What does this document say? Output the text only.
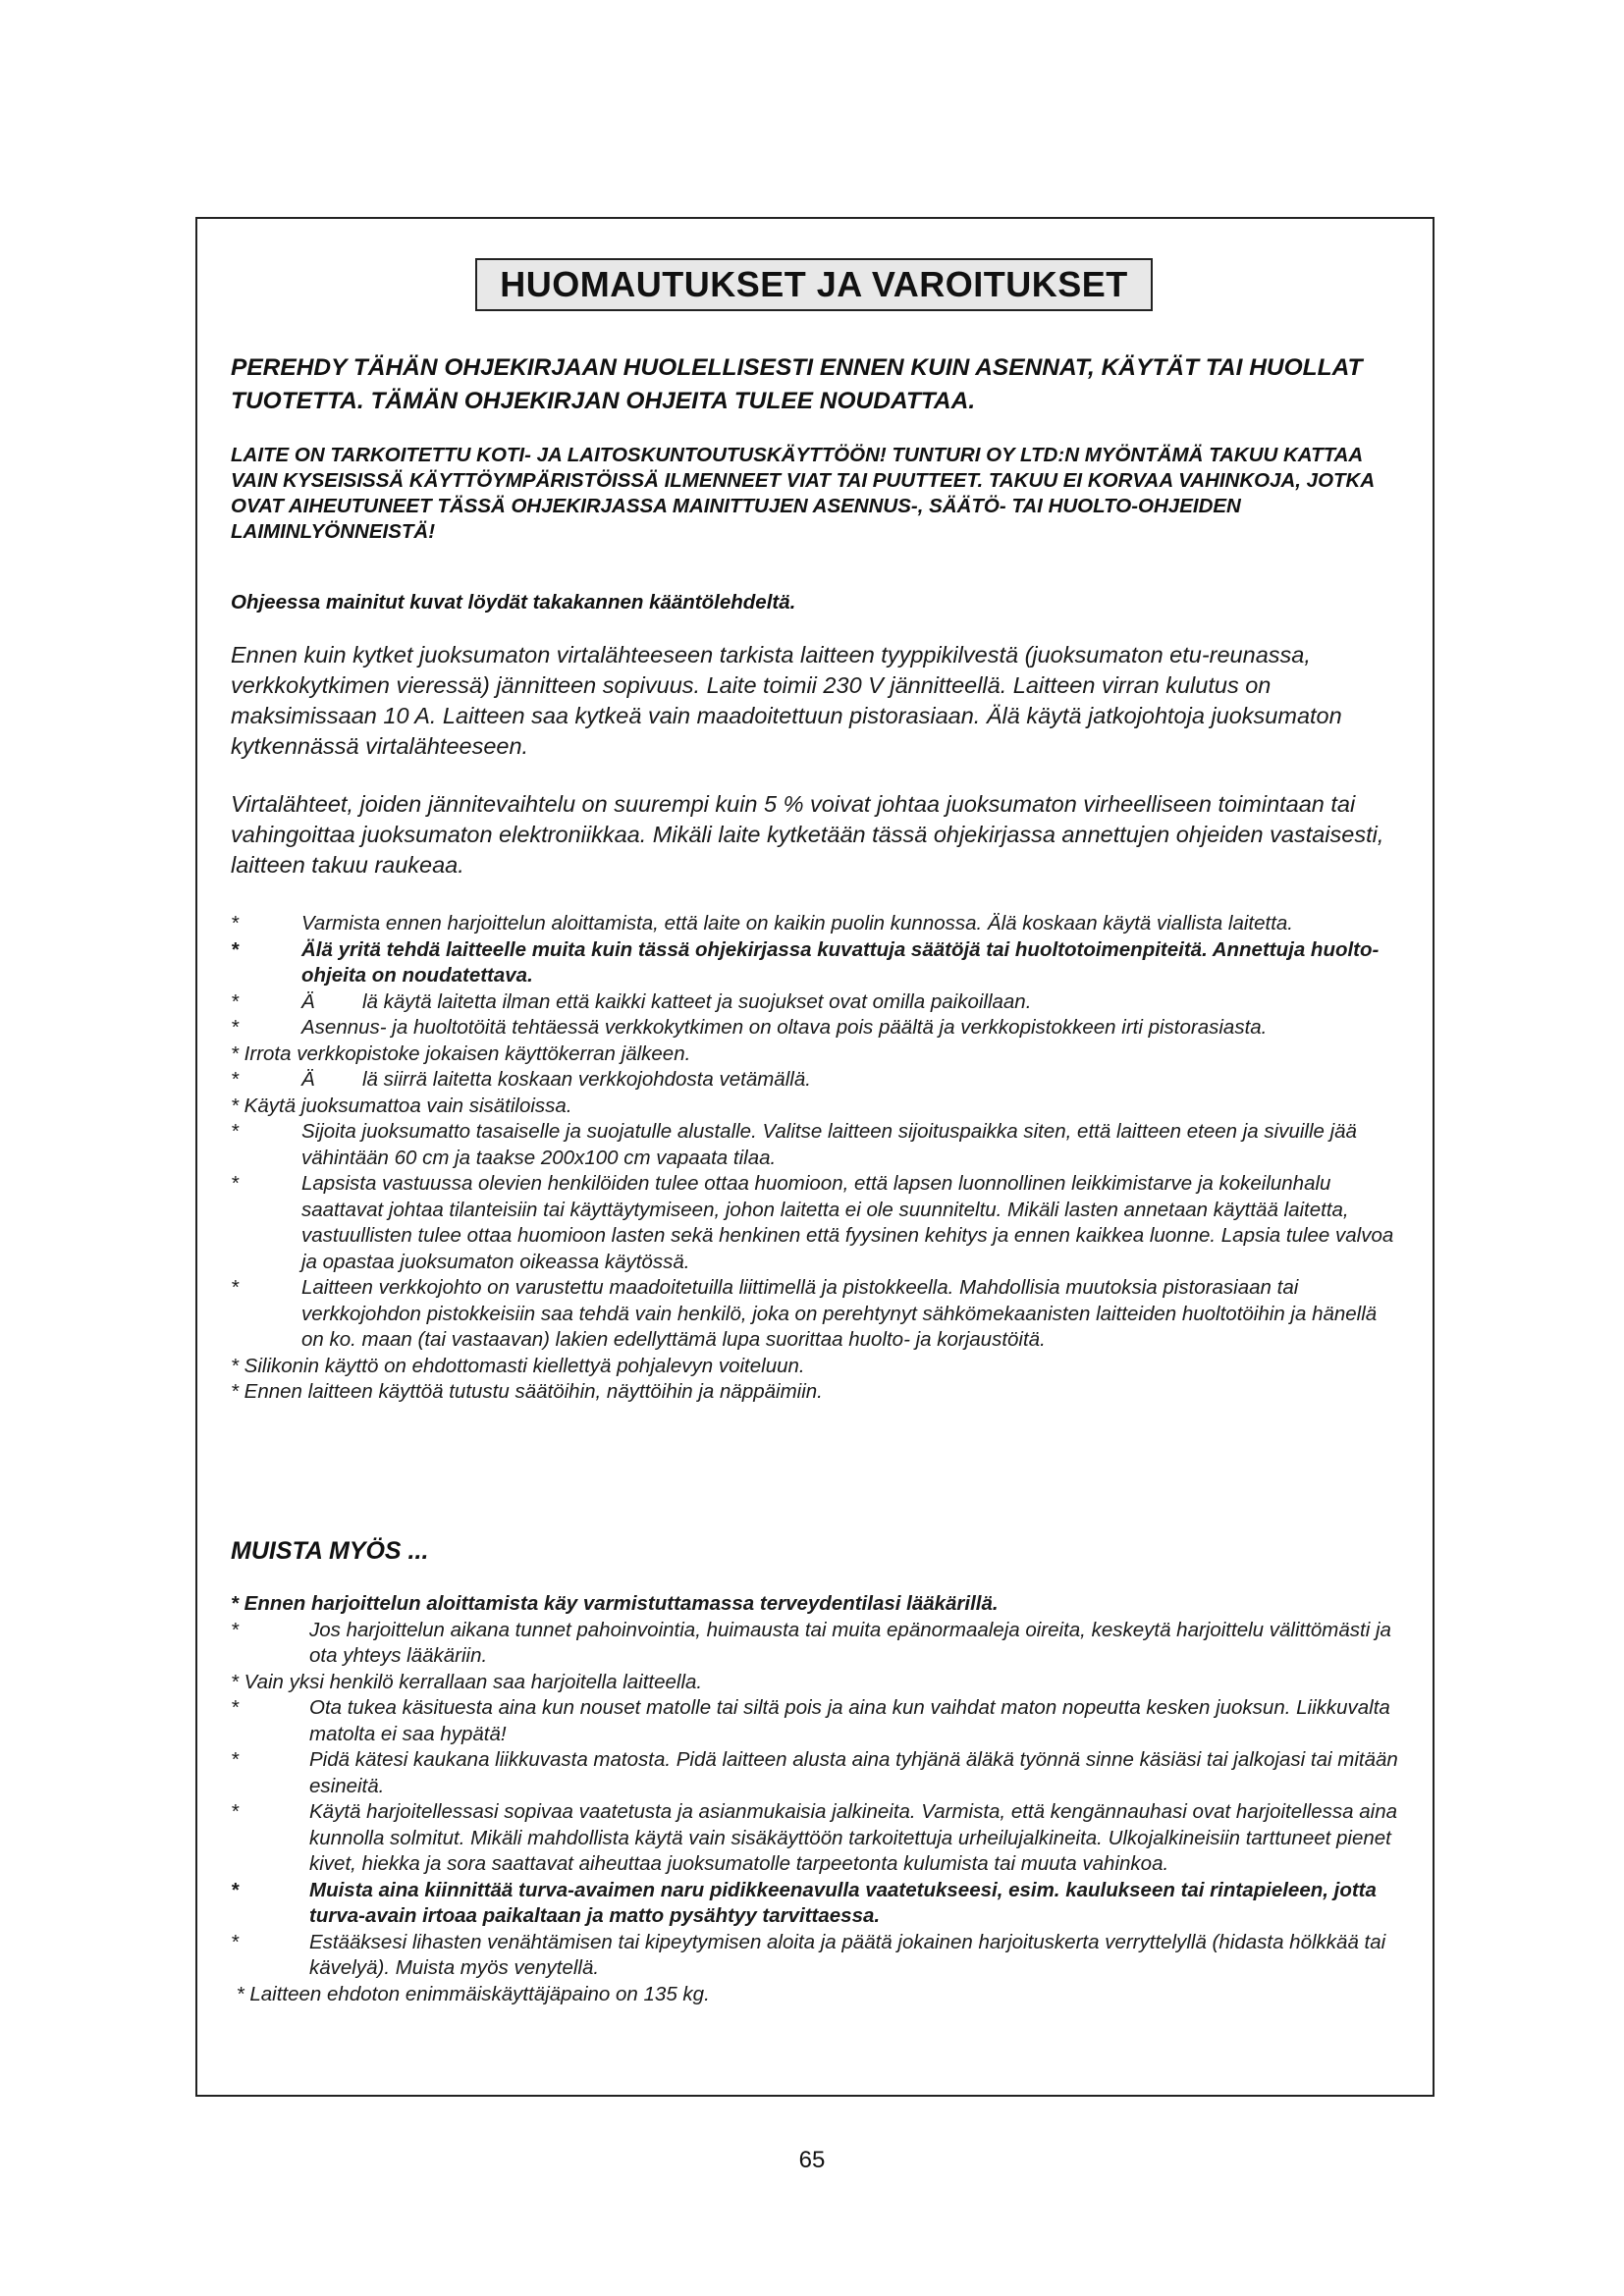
HUOMAUTUKSET JA VAROITUKSET
PEREHDY TÄHÄN OHJEKIRJAAN HUOLELLISESTI ENNEN KUIN ASENNAT, KÄYTÄT TAI HUOLLAT TUOTETTA. TÄMÄN OHJEKIRJAN OHJEITA TULEE NOUDATTAA.
LAITE ON TARKOITETTU KOTI- JA LAITOSKUNTOUTUSKÄYTTÖÖN! TUNTURI OY LTD:N MYÖNTÄMÄ TAKUU KATTAA VAIN KYSEISISSÄ KÄYTTÖYMPÄRISTÖISSÄ ILMENNEET VIAT TAI PUUTTEET. TAKUU EI KORVAA VAHINKOJA, JOTKA OVAT AIHEUTUNEET TÄSSÄ OHJEKIRJASSA MAINITTUJEN ASENNUS-, SÄÄTÖ- TAI HUOLTO-OHJEIDEN LAIMINLYÖNNEISTÄ!
Ohjeessa mainitut kuvat löydät takakannen kääntölehdeltä.
Ennen kuin kytket juoksumaton virtalähteeseen tarkista laitteen tyyppikilvestä (juoksumaton etu-reunassa, verkkokytkimen vieressä) jännitteen sopivuus. Laite toimii 230 V jännitteellä. Laitteen virran kulutus on maksimissaan 10 A. Laitteen saa kytkeä vain maadoitettuun pistorasiaan. Älä käytä jatkojohtoja juoksumaton kytkennässä virtalähteeseen.
Virtalähteet, joiden jännitevaihtelu on suurempi kuin 5 % voivat johtaa juoksumaton virheelliseen toimintaan tai vahingoittaa juoksumaton elektroniikkaa. Mikäli laite kytketään tässä ohjekirjassa annettujen ohjeiden vastaisesti, laitteen takuu raukeaa.
*	Varmista ennen harjoittelun aloittamista, että laite on kaikin puolin kunnossa. Älä koskaan käytä viallista laitetta.
*	Älä yritä tehdä laitteelle muita kuin tässä ohjekirjassa kuvattuja säätöjä tai huoltotoimenpiteitä. Annettuja huolto-ohjeita on noudatettava.
*	Ä lä käytä laitetta ilman että kaikki katteet ja suojukset ovat omilla paikoillaan.
*	Asennus- ja huoltotöitä tehtäessä verkkokytkimen on oltava pois päältä ja verkkopistokkeen irti pistorasiasta.
* Irrota verkkopistoke jokaisen käyttökerran jälkeen.
*	Ä lä siirrä laitetta koskaan verkkojohdosta vetämällä.
* Käytä juoksumattoa vain sisätiloissa.
*	Sijoita juoksumatto tasaiselle ja suojatulle alustalle. Valitse laitteen sijoituspaikka siten, että laitteen eteen ja sivuille jää vähintään 60 cm ja taakse 200x100 cm vapaata tilaa.
*	Lapsista vastuussa olevien henkilöiden tulee ottaa huomioon, että lapsen luonnollinen leikkimistarve ja kokeilunhalu saattavat johtaa tilanteisiin tai käyttäytymiseen, johon laitetta ei ole suunniteltu. Mikäli lasten annetaan käyttää laitetta, vastuullisten tulee ottaa huomioon lasten sekä henkinen että fyysinen kehitys ja ennen kaikkea luonne. Lapsia tulee valvoa ja opastaa juoksumaton oikeassa käytössä.
*	Laitteen verkkojohto on varustettu maadoitetuilla liittimellä ja pistokkeella. Mahdollisia muutoksia pistorasiaan tai verkkojohdon pistokkeisiin saa tehdä vain henkilö, joka on perehtynyt sähkömekaanisten laitteiden huoltotöihin ja hänellä on ko. maan (tai vastaavan) lakien edellyttämä lupa suorittaa huolto- ja korjaustöitä.
* Silikonin käyttö on ehdottomasti kiellettyä pohjalevyn voiteluun.
* Ennen laitteen käyttöä tutustu säätöihin, näyttöihin ja näppäimiin.
MUISTA MYÖS ...
* Ennen harjoittelun aloittamista käy varmistuttamassa terveydentilasi lääkärillä.
*	Jos harjoittelun aikana tunnet pahoinvointia, huimausta tai muita epänormaaleja oireita, keskeytä harjoittelu välittömästi ja ota yhteys lääkäriin.
* Vain yksi henkilö kerrallaan saa harjoitella laitteella.
*	Ota tukea käsituesta aina kun nouset matolle tai siltä pois ja aina kun vaihdat maton nopeutta kesken juoksun. Liikkuvalta matolta ei saa hypätä!
*	Pidä kätesi kaukana liikkuvasta matosta. Pidä laitteen alusta aina tyhjänä äläkä työnnä sinne käsiäsi tai jalkojasi tai mitään esineitä.
*	Käytä harjoitellessasi sopivaa vaatetusta ja asianmukaisia jalkineita. Varmista, että kengännauhasi ovat harjoitellessa aina kunnolla solmitut. Mikäli mahdollista käytä vain sisäkäyttöön tarkoitettuja urheilujalkineita. Ulkojalkineisiin tarttuneet pienet kivet, hiekka ja sora saattavat aiheuttaa juoksumatolle tarpeetonta kulumista tai muuta vahinkoa.
*	Muista aina kiinnittää turva-avaimen naru pidikkeenavulla vaatetukseesi, esim. kaulukseen tai rintapieleen, jotta turva-avain irtoaa paikaltaan ja matto pysähtyy tarvittaessa.
*	Estääksesi lihasten venähtämisen tai kipeytymisen aloita ja päätä jokainen harjoituskerta verryttelyllä (hidasta hölkkää tai kävelyä). Muista myös venytellä.
* Laitteen ehdoton enimmäiskäyttäjäpaino on 135 kg.
65
